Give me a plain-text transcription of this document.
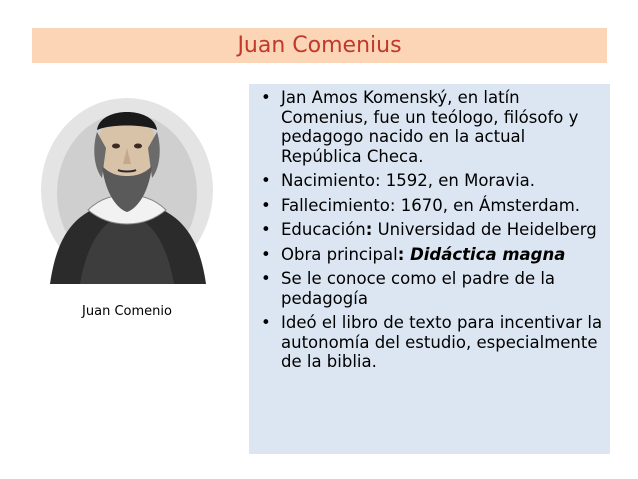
Juan Comenius
Juan Comenio
• Jan Amos Komenský, en latín Comenius, fue un teólogo, filósofo y pedagogo nacido en la actual República Checa.
• Nacimiento: 1592, en Moravia.
• Fallecimiento: 1670, en Ámsterdam.
• Educación: Universidad de Heidelberg
• Obra principal: Didáctica magna
• Se le conoce como el padre de la pedagogía
• Ideó el libro de texto para incentivar la autonomía del estudio, especialmente de la biblia.
